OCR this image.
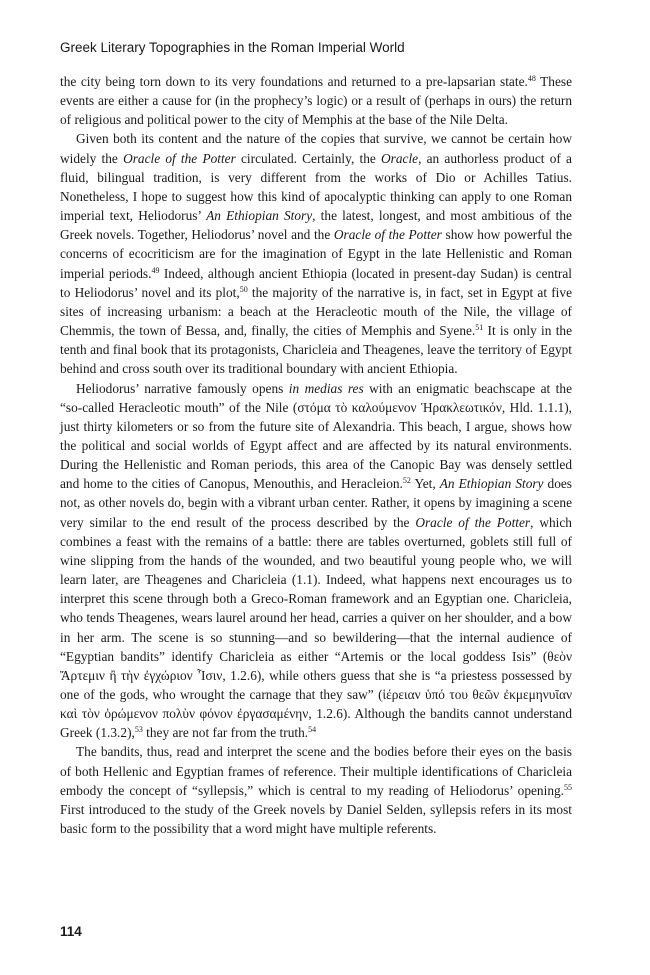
Greek Literary Topographies in the Roman Imperial World

the city being torn down to its very foundations and returned to a pre-lapsarian state.$^{48}$ These events are either a cause for (in the prophecy’s logic) or a result of (perhaps in ours) the return of religious and political power to the city of Memphis at the base of the Nile Delta.

Given both its content and the nature of the copies that survive, we cannot be certain how widely the Oracle of the Potter circulated. Certainly, the Oracle, an authorless product of a fluid, bilingual tradition, is very different from the works of Dio or Achilles Tatius. Nonetheless, I hope to suggest how this kind of apocalyptic thinking can apply to one Roman imperial text, Heliodorus’ An Ethiopian Story, the latest, longest, and most ambitious of the Greek novels. Together, Heliodorus’ novel and the Oracle of the Potter show how powerful the concerns of ecocriticism are for the imagination of Egypt in the late Hellenistic and Roman imperial periods.$^{49}$ Indeed, although ancient Ethiopia (located in present-day Sudan) is central to Heliodorus’ novel and its plot,$^{50}$ the majority of the narrative is, in fact, set in Egypt at five sites of increasing urbanism: a beach at the Heracleotic mouth of the Nile, the village of Chemmis, the town of Bessa, and, finally, the cities of Memphis and Syene.$^{51}$ It is only in the tenth and final book that its protagonists, Charicleia and Theagenes, leave the territory of Egypt behind and cross south over its traditional boundary with ancient Ethiopia.

Heliodorus’ narrative famously opens in medias res with an enigmatic beachscape at the “so-called Heracleotic mouth” of the Nile (στόμα τὸ καλούμενον Ἡρακλεωτικόν, Hld. 1.1.1), just thirty kilometers or so from the future site of Alexandria. This beach, I argue, shows how the political and social worlds of Egypt affect and are affected by its natural environments. During the Hellenistic and Roman periods, this area of the Canopic Bay was densely settled and home to the cities of Canopus, Menouthis, and Heracleion.$^{52}$ Yet, An Ethiopian Story does not, as other novels do, begin with a vibrant urban center. Rather, it opens by imagining a scene very similar to the end result of the process described by the Oracle of the Potter, which combines a feast with the remains of a battle: there are tables overturned, goblets still full of wine slipping from the hands of the wounded, and two beautiful young people who, we will learn later, are Theagenes and Charicleia (1.1). Indeed, what happens next encourages us to interpret this scene through both a Greco-Roman framework and an Egyptian one. Charicleia, who tends Theagenes, wears laurel around her head, carries a quiver on her shoulder, and a bow in her arm. The scene is so stunning—and so bewildering—that the internal audience of “Egyptian bandits” identify Charicleia as either “Artemis or the local goddess Isis” (θεὸν Ἄρτεμιν ἢ τὴν ἐγχώριον Ἶσιν, 1.2.6), while others guess that she is “a priestess possessed by one of the gods, who wrought the carnage that they saw” (ἱέρειαν ὑπό του θεῶν ἐκμεμηνυῖαν καὶ τὸν ὁρώμενον πολὺν φόνον ἐργασαμένην, 1.2.6). Although the bandits cannot understand Greek (1.3.2),$^{53}$ they are not far from the truth.$^{54}$

The bandits, thus, read and interpret the scene and the bodies before their eyes on the basis of both Hellenic and Egyptian frames of reference. Their multiple identifications of Charicleia embody the concept of “syllepsis,” which is central to my reading of Heliodorus’ opening.$^{55}$ First introduced to the study of the Greek novels by Daniel Selden, syllepsis refers in its most basic form to the possibility that a word might have multiple referents.

114
